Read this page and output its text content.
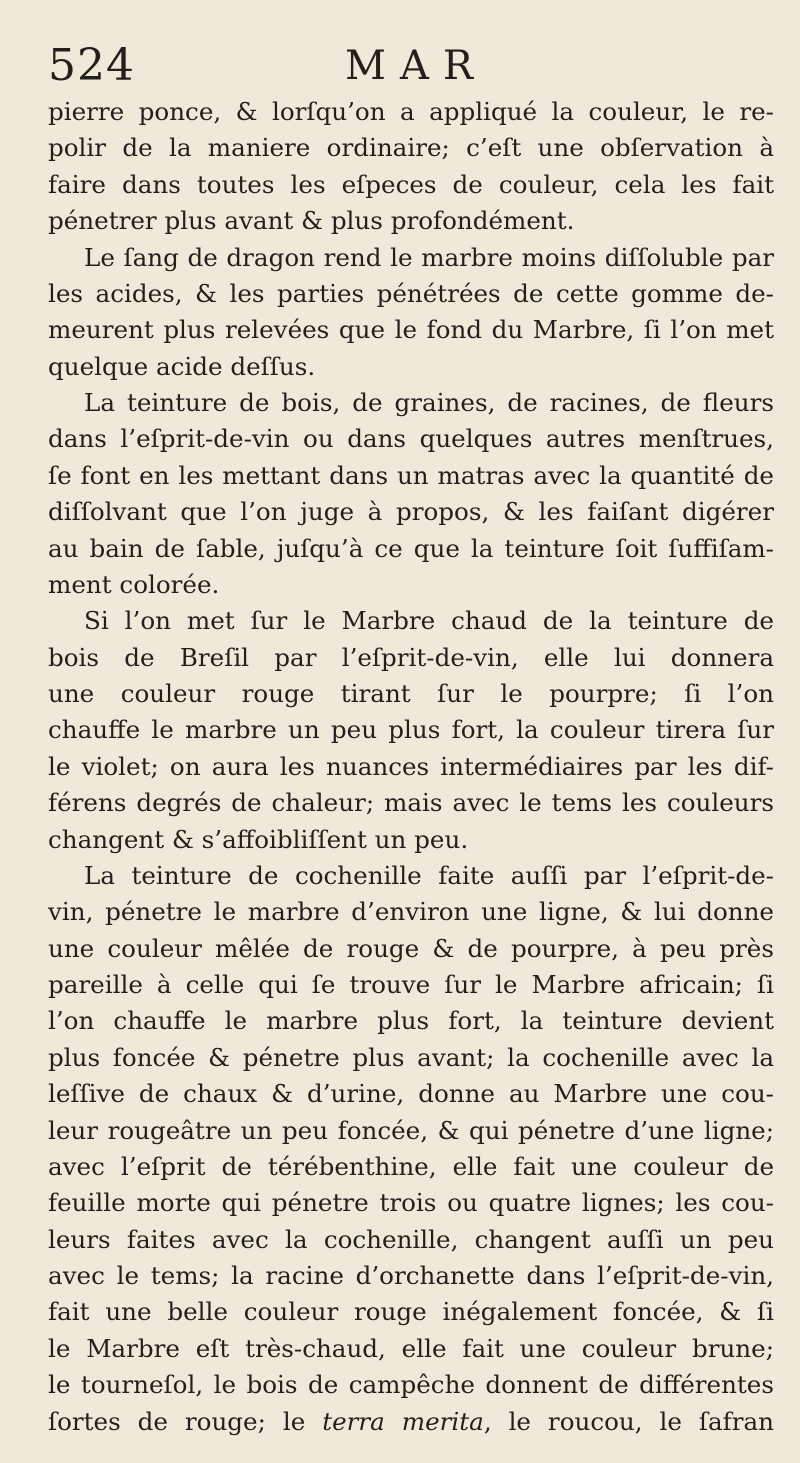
524	MAR
pierre ponce, & lorſqu’on a appliqué la couleur, le re-
polir de la maniere ordinaire; c’eſt une obſervation à
faire dans toutes les eſpeces de couleur, cela les fait
pénetrer plus avant & plus profondément.
Le ſang de dragon rend le marbre moins diſſoluble par
les acides, & les parties pénétrées de cette gomme de-
meurent plus relevées que le fond du Marbre, ſi l’on met
quelque acide deſſus.
La teinture de bois, de graines, de racines, de fleurs
dans l’eſprit-de-vin ou dans quelques autres menſtrues,
ſe font en les mettant dans un matras avec la quantité de
diſſolvant que l’on juge à propos, & les faiſant digérer
au bain de ſable, juſqu’à ce que la teinture ſoit ſuffiſam-
ment colorée.
Si l’on met ſur le Marbre chaud de la teinture de
bois de Breſil par l’eſprit-de-vin, elle lui donnera
une couleur rouge tirant ſur le pourpre; ſi l’on
chauffe le marbre un peu plus fort, la couleur tirera ſur
le violet; on aura les nuances intermédiaires par les dif-
férens degrés de chaleur; mais avec le tems les couleurs
changent & s’affoibliſſent un peu.
La teinture de cochenille faite auſſi par l’eſprit-de-
vin, pénetre le marbre d’environ une ligne, & lui donne
une couleur mêlée de rouge & de pourpre, à peu près
pareille à celle qui ſe trouve ſur le Marbre africain; ſi
l’on chauffe le marbre plus fort, la teinture devient
plus foncée & pénetre plus avant; la cochenille avec la
leſſive de chaux & d’urine, donne au Marbre une cou-
leur rougeâtre un peu foncée, & qui pénetre d’une ligne;
avec l’eſprit de térébenthine, elle fait une couleur de
feuille morte qui pénetre trois ou quatre lignes; les cou-
leurs faites avec la cochenille, changent auſſi un peu
avec le tems; la racine d’orchanette dans l’eſprit-de-vin,
fait une belle couleur rouge inégalement foncée, & ſi
le Marbre eſt très-chaud, elle fait une couleur brune;
le tourneſol, le bois de campêche donnent de différentes
ſortes de rouge; le terra merita, le roucou, le ſafran
